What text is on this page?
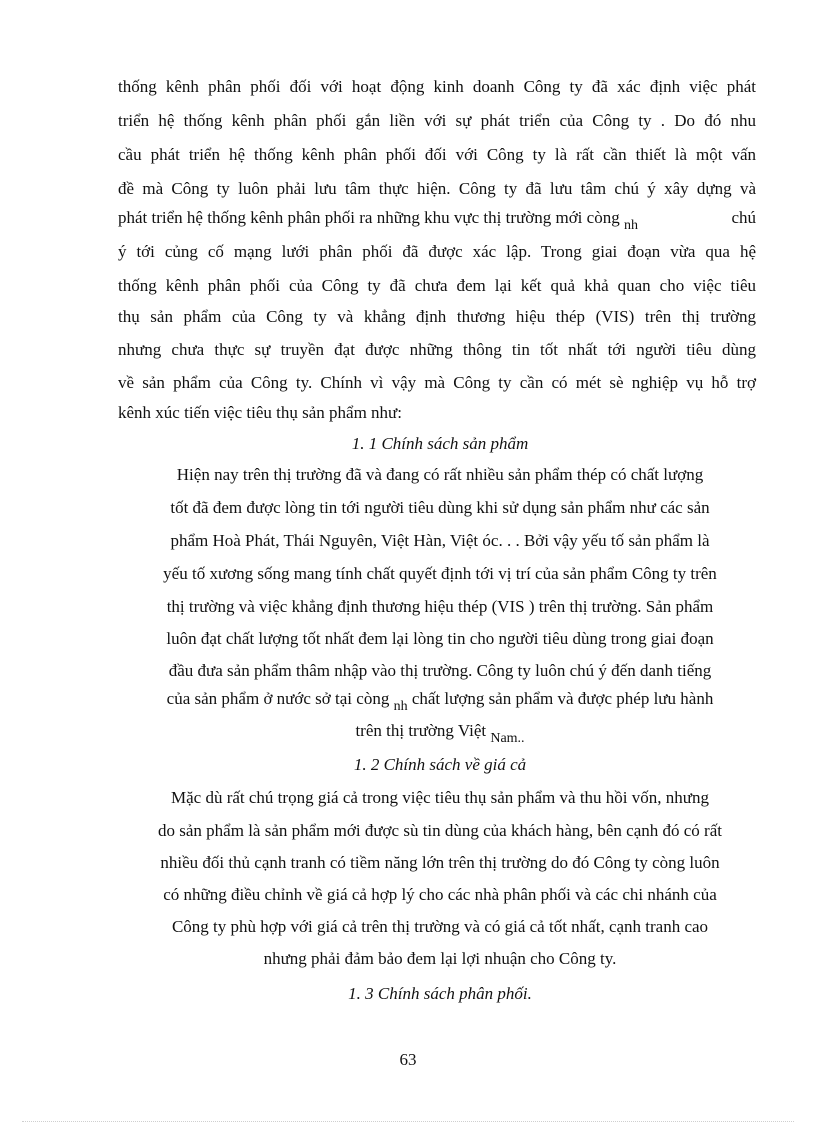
thống kênh phân phối đối với hoạt động kinh doanh Công ty đã xác định việc phát
triển hệ thống kênh phân phối gắn liền với sự phát triển của Công ty . Do đó nhu
cầu phát triển hệ thống kênh phân phối đối với Công ty là rất cần thiết là một vấn
đề mà Công ty luôn phải lưu tâm thực hiện. Công ty đã lưu tâm chú ý xây dựng và
phát triển hệ thống kênh phân phối ra những khu vực thị trường mới còng $_{nh}$	chú
ý tới củng cố mạng lưới phân phối đã được xác lập. Trong giai đoạn vừa qua hệ
thống kênh phân phối của Công ty đã chưa đem lại kết quả khả quan cho việc tiêu
thụ sản phẩm của Công ty và khẳng định thương hiệu thép (VIS) trên thị trường
nhưng chưa thực sự truyền đạt được những thông tin tốt nhất tới người tiêu dùng
về sản phẩm của Công ty. Chính vì vậy mà Công ty cần có mét sè nghiệp vụ hỗ trợ
kênh xúc tiến việc tiêu thụ sản phẩm như:
1. 1 Chính sách sản phẩm
Hiện nay trên thị trường đã và đang có rất nhiều sản phẩm thép có chất lượng
tốt đã đem được lòng tin tới người tiêu dùng khi sử dụng sản phẩm như các sản
phẩm Hoà Phát, Thái Nguyên, Việt Hàn, Việt óc. . . Bởi vậy yếu tố sản phẩm là
yếu tố xương sống mang tính chất quyết định tới vị trí của sản phẩm Công ty trên
thị trường và việc khẳng định thương hiệu thép (VIS ) trên thị trường. Sản phẩm
luôn đạt chất lượng tốt nhất đem lại lòng tin cho người tiêu dùng trong giai đoạn
đầu đưa sản phẩm thâm nhập vào thị trường. Công ty luôn chú ý đến danh tiếng
của sản phẩm ở nước sở tại còng $_{nh}$ chất lượng sản phẩm và được phép lưu hành
trên thị trường Việt $_{Nam..}$
1. 2 Chính sách về giá cả
Mặc dù rất chú trọng giá cả trong việc tiêu thụ sản phẩm và thu hồi vốn, nhưng
do sản phẩm là sản phẩm mới được sù tin dùng của khách hàng, bên cạnh đó có rất
nhiều đối thủ cạnh tranh có tiềm năng lớn trên thị trường do đó Công ty còng luôn
có những điều chỉnh về giá cả hợp lý cho các nhà phân phối và các chi nhánh của
Công ty phù hợp với giá cả trên thị trường và có giá cả tốt nhất, cạnh tranh cao
nhưng phải đảm bảo đem lại lợi nhuận cho Công ty.
1. 3 Chính sách phân phối.
63
